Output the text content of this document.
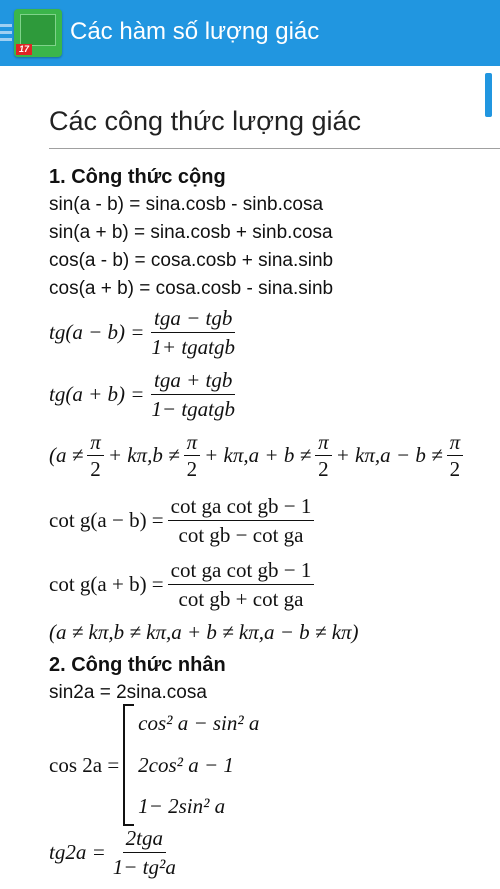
17
Các hàm số lượng giác
Các công thức lượng giác
1. Công thức cộng
sin(a - b) = sina.cosb - sinb.cosa
sin(a + b) = sina.cosb + sinb.cosa
cos(a - b) = cosa.cosb + sina.sinb
cos(a + b) = cosa.cosb - sina.sinb
$tg(a - b) = \frac{\text{tga − tgb}}{\text{1+ tgatgb}}$
$tg(a + b) = \frac{\text{tga + tgb}}{\text{1− tgatgb}}$
($a \ne \frac{\pi}{2} + k\pi,b \ne \frac{\pi}{2} + k\pi,a + b \ne \frac{\pi}{2} + k\pi,a - b \ne \frac{\pi}{2}$
$\cot g(a - b) = \frac{\text{cot ga cot gb − 1}}{\text{cot gb − cot ga}}$
$\cot g(a + b) = \frac{\text{cot ga cot gb − 1}}{\text{cot gb + cot ga}}$
(a ≠ kπ,b ≠ kπ,a + b ≠ kπ,a − b ≠ kπ)
2. Công thức nhân
sin2a = 2sina.cosa
cos 2a =
cos² a − sin² a
2cos² a − 1
1− 2sin² a
$tg2a = \frac{\text{2tga}}{\text{1− tg²a}}$
